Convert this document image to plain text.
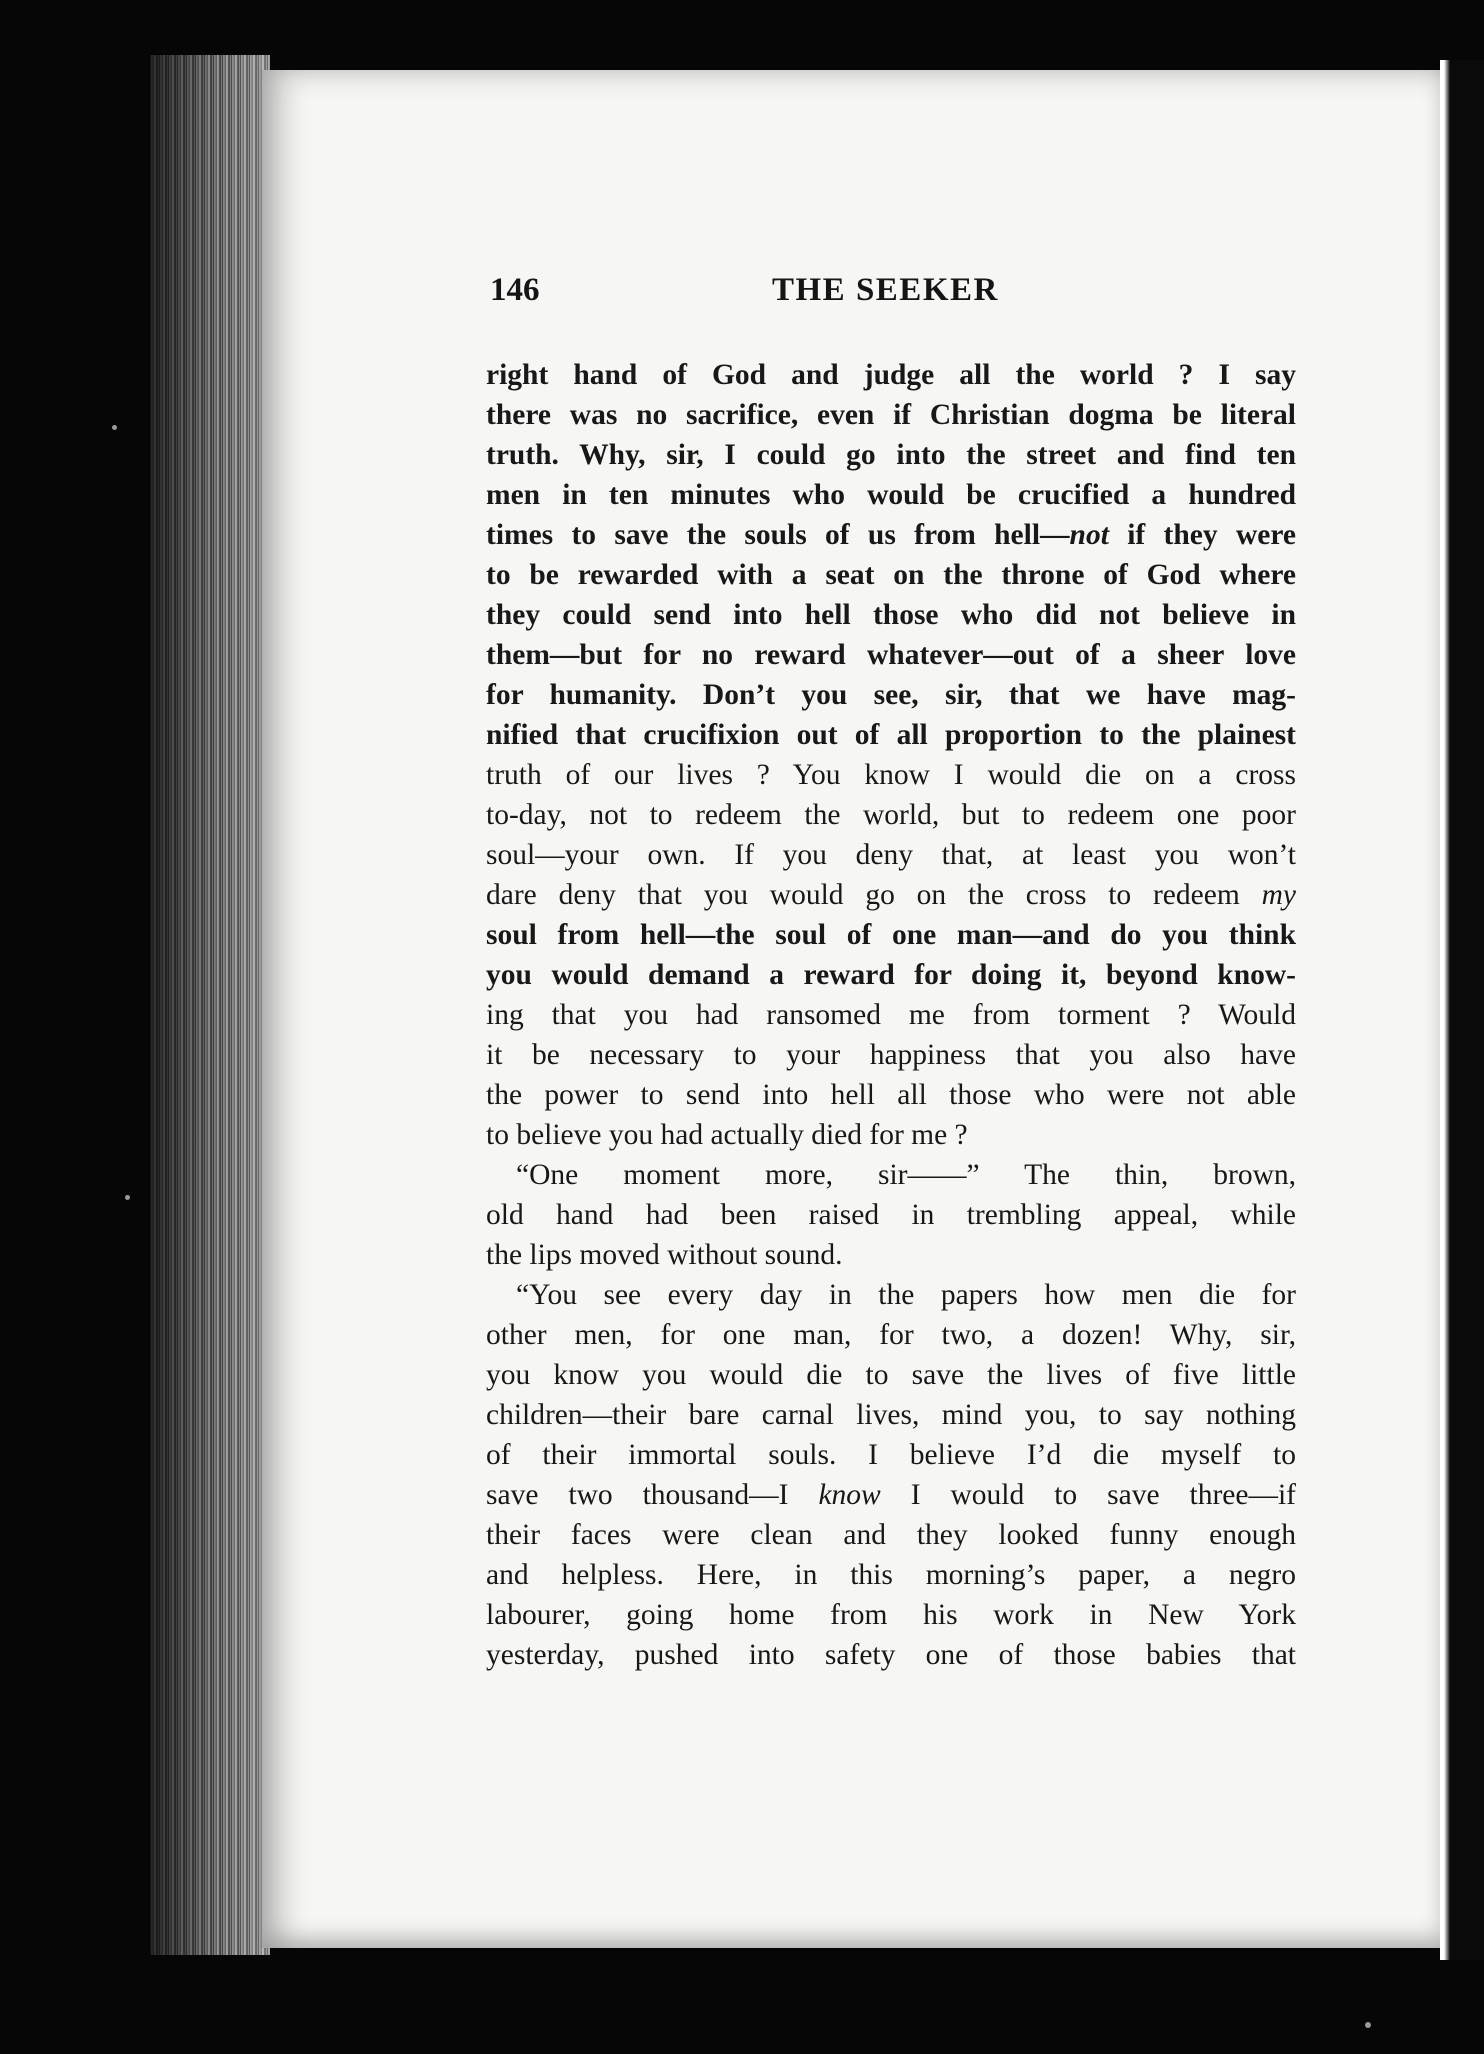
146	THE SEEKER
right hand of God and judge all the world ? I say
there was no sacrifice, even if Christian dogma be literal
truth. Why, sir, I could go into the street and find ten
men in ten minutes who would be crucified a hundred
times to save the souls of us from hell—not if they were
to be rewarded with a seat on the throne of God where
they could send into hell those who did not believe in
them—but for no reward whatever—out of a sheer love
for humanity. Don’t you see, sir, that we have mag-
nified that crucifixion out of all proportion to the plainest
truth of our lives ? You know I would die on a cross
to-day, not to redeem the world, but to redeem one poor
soul—your own. If you deny that, at least you won’t
dare deny that you would go on the cross to redeem my
soul from hell—the soul of one man—and do you think
you would demand a reward for doing it, beyond know-
ing that you had ransomed me from torment ? Would
it be necessary to your happiness that you also have
the power to send into hell all those who were not able
to believe you had actually died for me ?
“One moment more, sir——” The thin, brown,
old hand had been raised in trembling appeal, while
the lips moved without sound.
“You see every day in the papers how men die for
other men, for one man, for two, a dozen! Why, sir,
you know you would die to save the lives of five little
children—their bare carnal lives, mind you, to say nothing
of their immortal souls. I believe I’d die myself to
save two thousand—I know I would to save three—if
their faces were clean and they looked funny enough
and helpless. Here, in this morning’s paper, a negro
labourer, going home from his work in New York
yesterday, pushed into safety one of those babies that
